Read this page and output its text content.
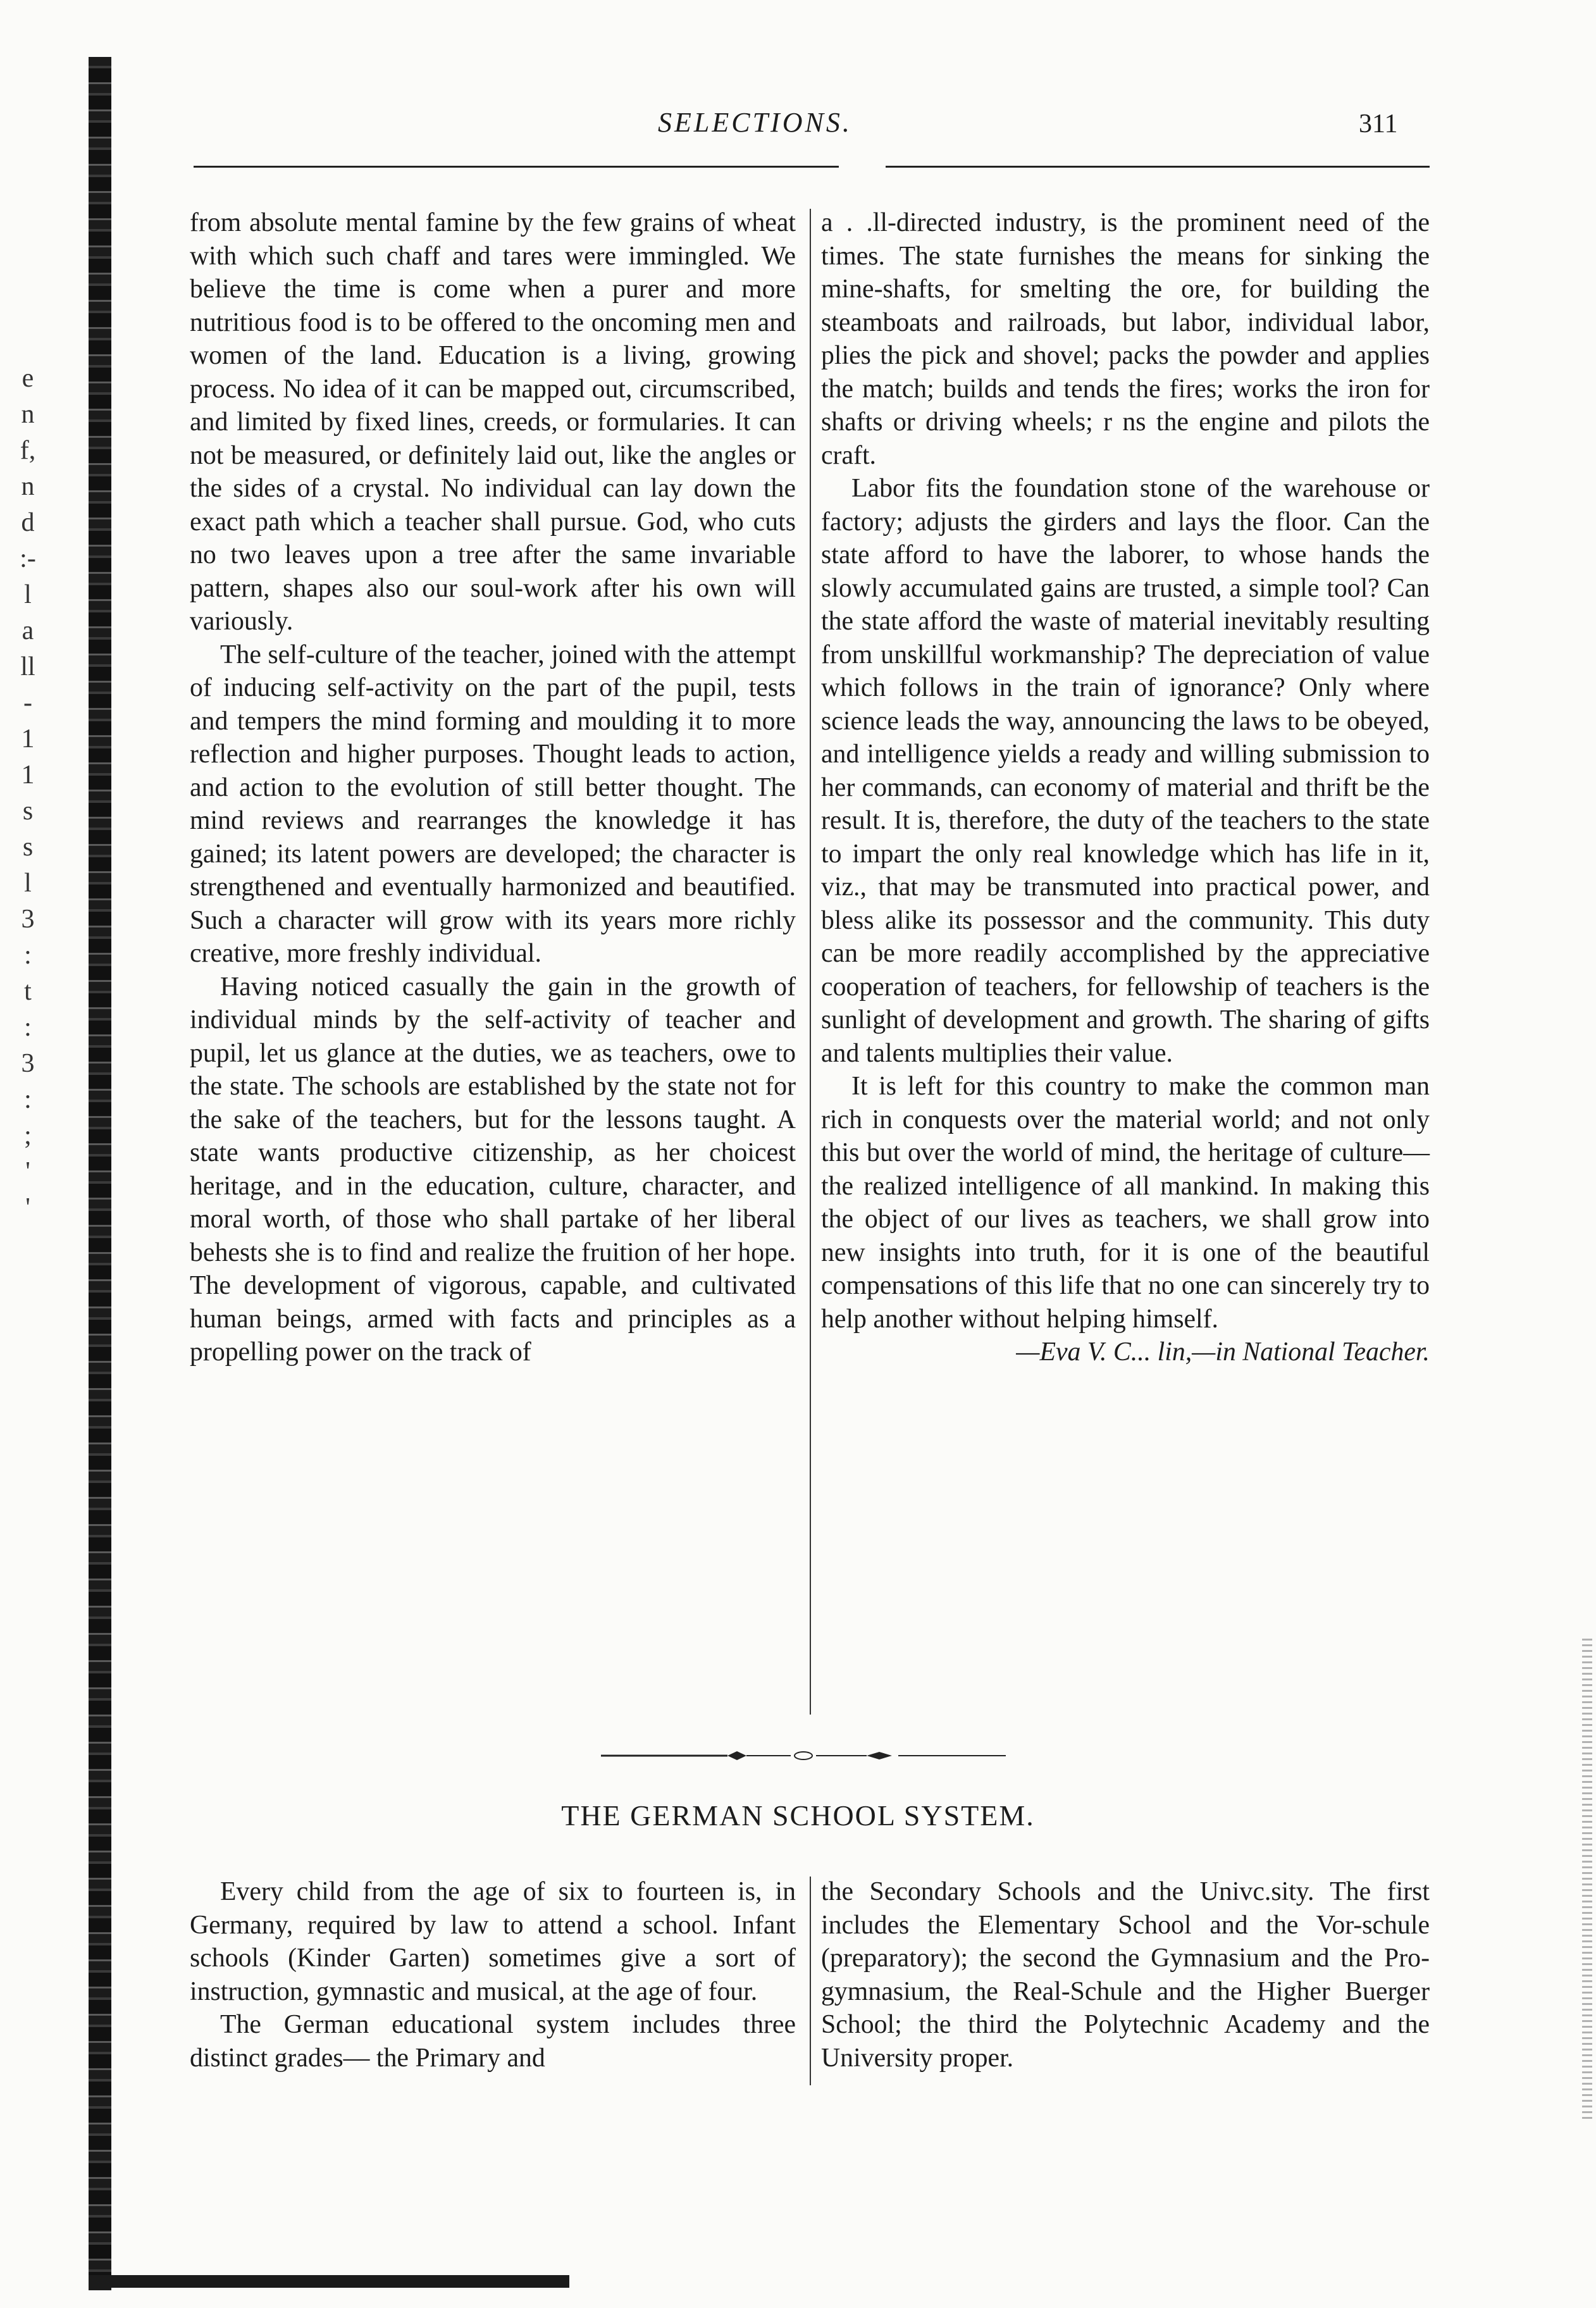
e
n
f,
n
d
:-
l
a
ll
-
1
1
s
s
l
3
:
t
:
3
:
;
'
'
SELECTIONS.	311

from absolute mental famine by the few grains of wheat with which such chaff and tares were immingled. We believe the time is come when a purer and more nutritious food is to be offered to the oncoming men and women of the land. Education is a living, growing process. No idea of it can be mapped out, circumscribed, and limited by fixed lines, creeds, or formularies. It can not be measured, or definitely laid out, like the angles or the sides of a crystal. No individual can lay down the exact path which a teacher shall pursue. God, who cuts no two leaves upon a tree after the same invariable pattern, shapes also our soul-work after his own will variously.

The self-culture of the teacher, joined with the attempt of inducing self-activity on the part of the pupil, tests and tempers the mind forming and moulding it to more reflection and higher purposes. Thought leads to action, and action to the evolution of still better thought. The mind reviews and rearranges the knowledge it has gained; its latent powers are developed; the character is strengthened and eventually harmonized and beautified. Such a character will grow with its years more richly creative, more freshly individual.

Having noticed casually the gain in the growth of individual minds by the self-activity of teacher and pupil, let us glance at the duties, we as teachers, owe to the state. The schools are established by the state not for the sake of the teachers, but for the lessons taught. A state wants productive citizenship, as her choicest heritage, and in the education, culture, character, and moral worth, of those who shall partake of her liberal behests she is to find and realize the fruition of her hope. The development of vigorous, capable, and cultivated human beings, armed with facts and principles as a propelling power on the track of

a . .ll-directed industry, is the prominent need of the times. The state furnishes the means for sinking the mine-shafts, for smelting the ore, for building the steamboats and railroads, but labor, individual labor, plies the pick and shovel; packs the powder and applies the match; builds and tends the fires; works the iron for shafts or driving wheels; r ns the engine and pilots the craft.

Labor fits the foundation stone of the warehouse or factory; adjusts the girders and lays the floor. Can the state afford to have the laborer, to whose hands the slowly accumulated gains are trusted, a simple tool? Can the state afford the waste of material inevitably resulting from unskillful workmanship? The depreciation of value which follows in the train of ignorance? Only where science leads the way, announcing the laws to be obeyed, and intelligence yields a ready and willing submission to her commands, can economy of material and thrift be the result. It is, therefore, the duty of the teachers to the state to impart the only real knowledge which has life in it, viz., that may be transmuted into practical power, and bless alike its possessor and the community. This duty can be more readily accomplished by the appreciative cooperation of teachers, for fellowship of teachers is the sunlight of development and growth. The sharing of gifts and talents multiplies their value.

It is left for this country to make the common man rich in conquests over the material world; and not only this but over the world of mind, the heritage of culture—the realized intelligence of all mankind. In making this the object of our lives as teachers, we shall grow into new insights into truth, for it is one of the beautiful compensations of this life that no one can sincerely try to help another without helping himself.

—Eva V. C... lin,—in National Teacher.

THE GERMAN SCHOOL SYSTEM.

Every child from the age of six to fourteen is, in Germany, required by law to attend a school. Infant schools (Kinder Garten) sometimes give a sort of instruction, gymnastic and musical, at the age of four.

The German educational system includes three distinct grades— the Primary and

the Secondary Schools and the Univc.sity. The first includes the Elementary School and the Vor-schule (preparatory); the second the Gymnasium and the Pro-gymnasium, the Real-Schule and the Higher Buerger School; the third the Polytechnic Academy and the University proper.
